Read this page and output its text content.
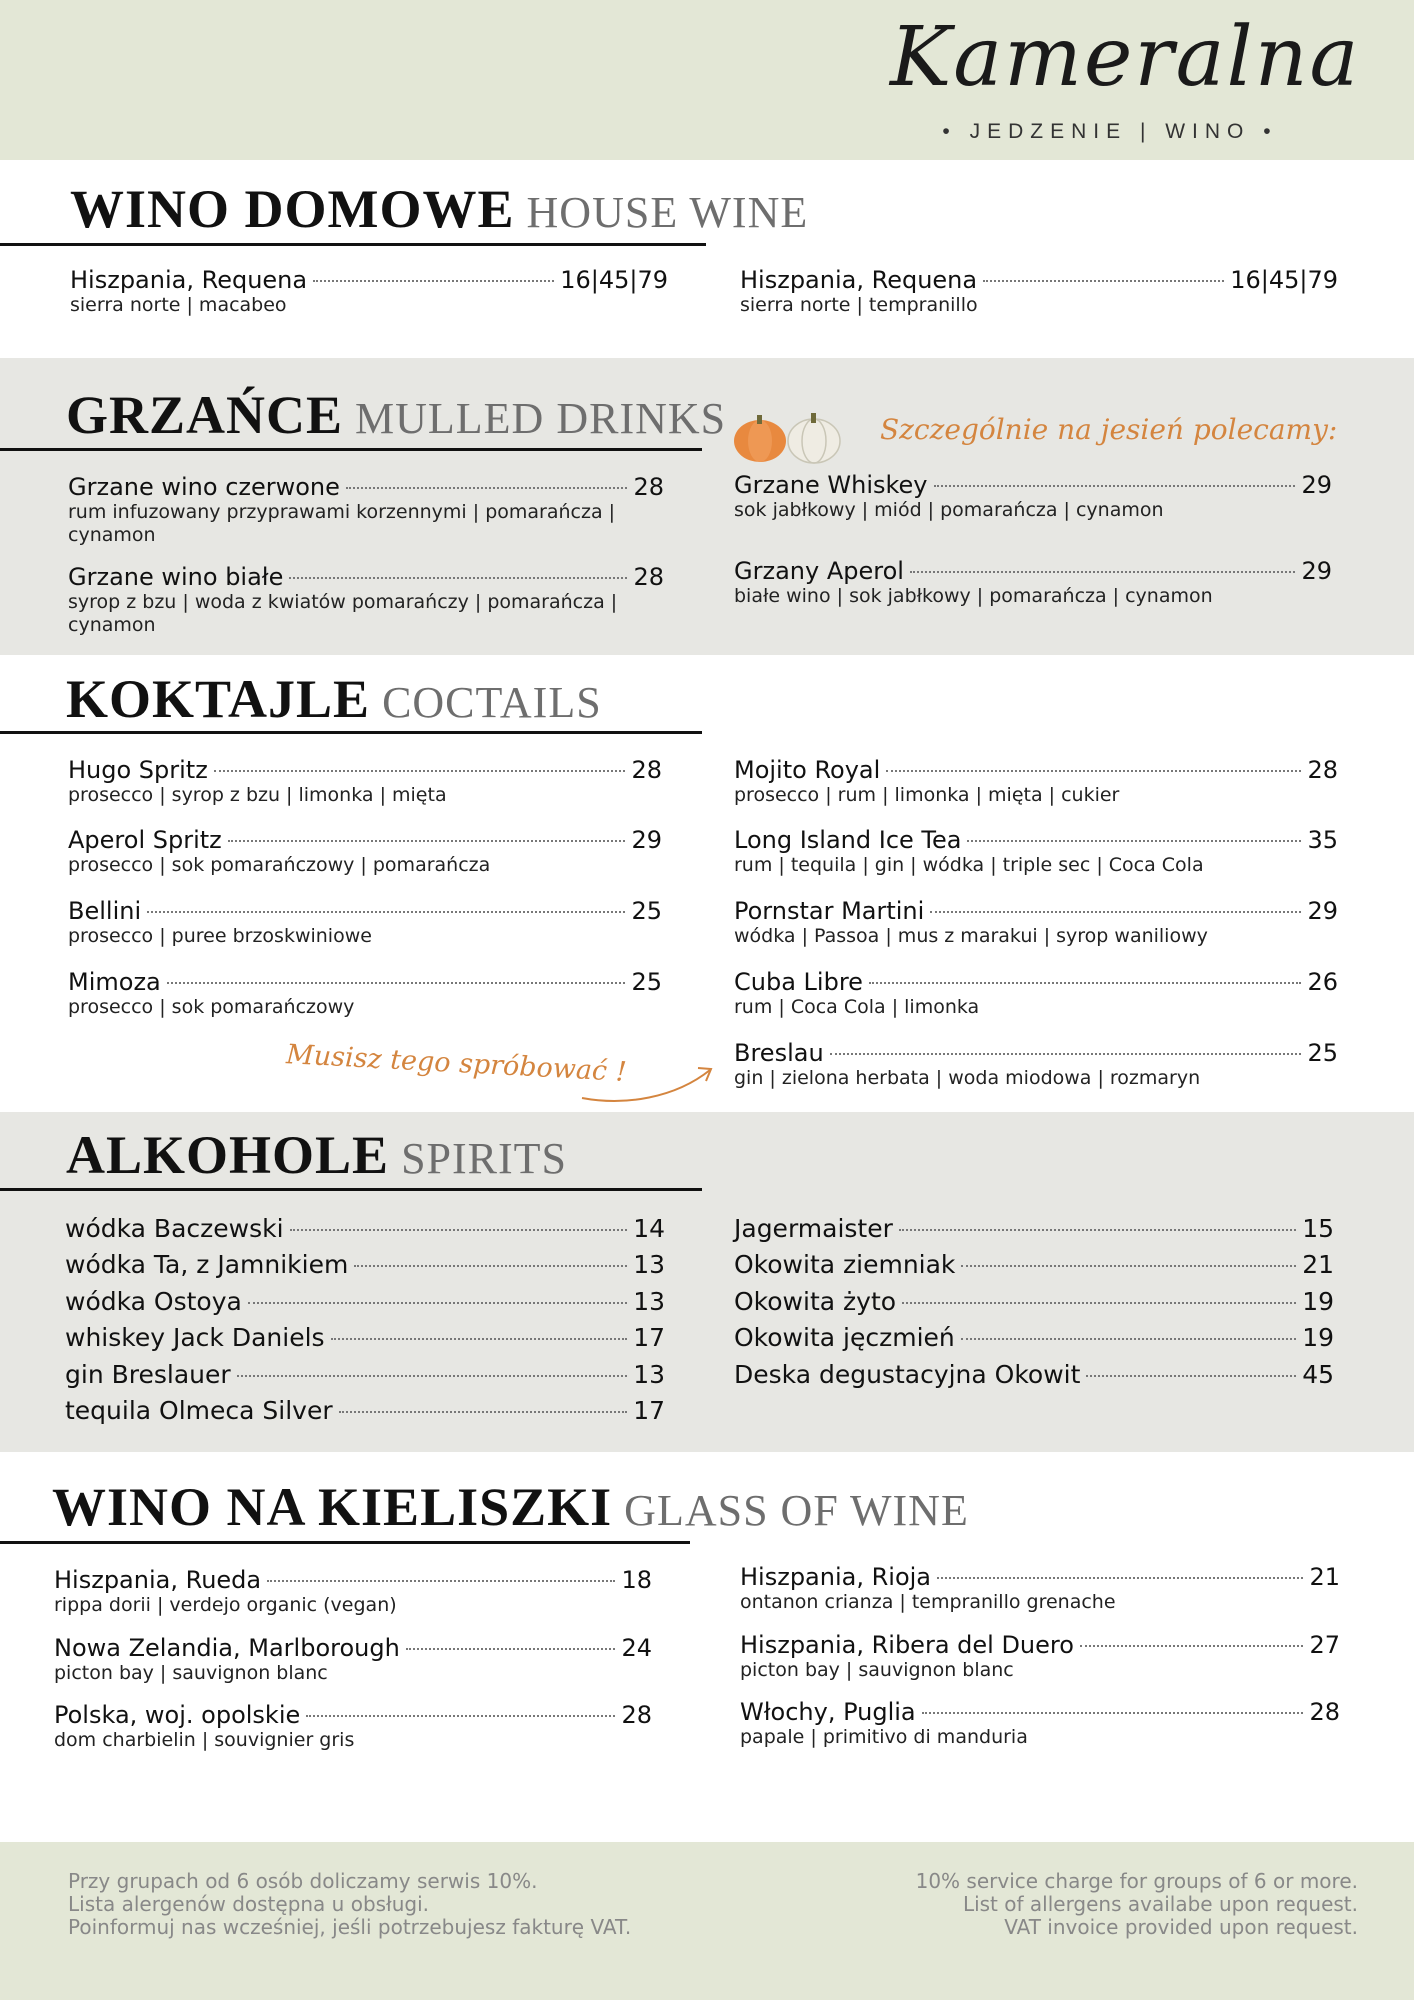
Kameralna
• JEDZENIE | WINO •
WINO DOMOWE HOUSE WINE
Hiszpania, Requena	16|45|79
sierra norte | macabeo
Hiszpania, Requena	16|45|79
sierra norte | tempranillo
GRZAŃCE MULLED DRINKS	Szczególnie na jesień polecamy:
Grzane wino czerwone	28
rum infuzowany przyprawami korzennymi | pomarańcza | cynamon
Grzane wino białe	28
syrop z bzu | woda z kwiatów pomarańczy | pomarańcza | cynamon
Grzane Whiskey	29
sok jabłkowy | miód | pomarańcza | cynamon
Grzany Aperol	29
białe wino | sok jabłkowy | pomarańcza | cynamon
KOKTAJLE COCTAILS
Hugo Spritz	28
prosecco | syrop z bzu | limonka | mięta
Aperol Spritz	29
prosecco | sok pomarańczowy | pomarańcza
Bellini	25
prosecco | puree brzoskwiniowe
Mimoza	25
prosecco | sok pomarańczowy
Mojito Royal	28
prosecco | rum | limonka | mięta | cukier
Long Island Ice Tea	35
rum | tequila | gin | wódka | triple sec | Coca Cola
Pornstar Martini	29
wódka | Passoa | mus z marakui | syrop waniliowy
Cuba Libre	26
rum | Coca Cola | limonka
Breslau	25
gin | zielona herbata | woda miodowa | rozmaryn
Musisz tego spróbować !
ALKOHOLE SPIRITS
wódka Baczewski	14
wódka Ta, z Jamnikiem	13
wódka Ostoya	13
whiskey Jack Daniels	17
gin Breslauer	13
tequila Olmeca Silver	17
Jagermaister	15
Okowita ziemniak	21
Okowita żyto	19
Okowita jęczmień	19
Deska degustacyjna Okowit	45
WINO NA KIELISZKI GLASS OF WINE
Hiszpania, Rueda	18
rippa dorii | verdejo organic (vegan)
Nowa Zelandia, Marlborough	24
picton bay | sauvignon blanc
Polska, woj. opolskie	28
dom charbielin | souvignier gris
Hiszpania, Rioja	21
ontanon crianza | tempranillo grenache
Hiszpania, Ribera del Duero	27
picton bay | sauvignon blanc
Włochy, Puglia	28
papale | primitivo di manduria
Przy grupach od 6 osób doliczamy serwis 10%.
Lista alergenów dostępna u obsługi.
Poinformuj nas wcześniej, jeśli potrzebujesz fakturę VAT.
10% service charge for groups of 6 or more.
List of allergens availabe upon request.
VAT invoice provided upon request.
